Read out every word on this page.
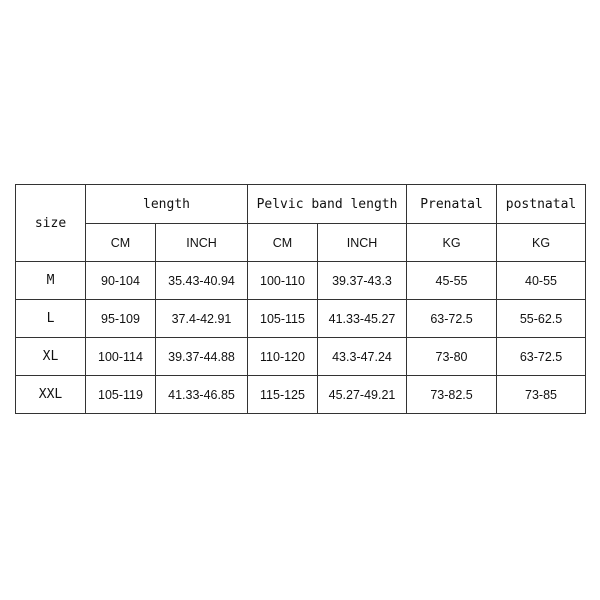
size	length		Pelvic band length		Prenatal	postnatal
	CM	INCH	CM	INCH	KG	KG
M	90-104	35.43-40.94	100-110	39.37-43.3	45-55	40-55
L	95-109	37.4-42.91	105-115	41.33-45.27	63-72.5	55-62.5
XL	100-114	39.37-44.88	110-120	43.3-47.24	73-80	63-72.5
XXL	105-119	41.33-46.85	115-125	45.27-49.21	73-82.5	73-85
